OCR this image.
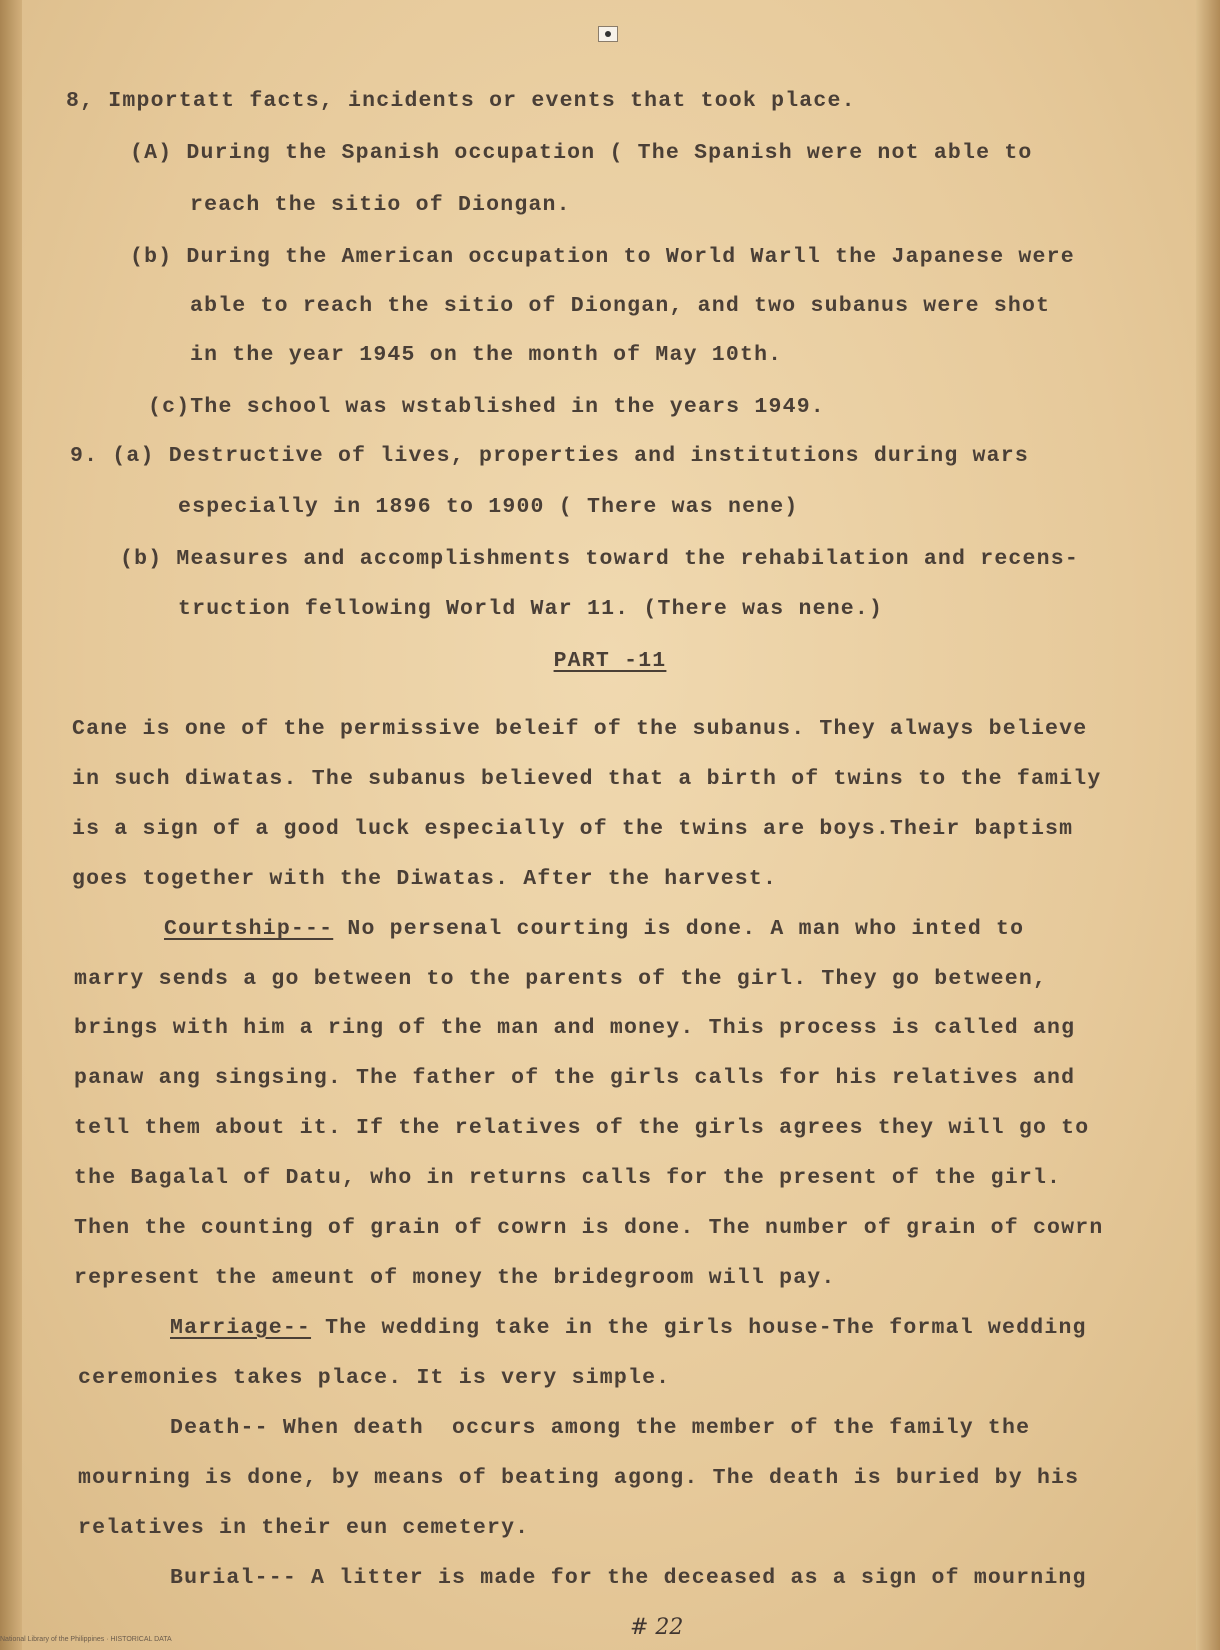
8, Importatt facts, incidents or events that took place.
(A) During the Spanish occupation ( The Spanish were not able to
reach the sitio of Diongan.
(b) During the American occupation to World Warll the Japanese were
able to reach the sitio of Diongan, and two subanus were shot
in the year 1945 on the month of May 10th.
(c)The school was wstablished in the years 1949.
9. (a) Destructive of lives, properties and institutions during wars
especially in 1896 to 1900 ( There was nene)
(b) Measures and accomplishments toward the rehabilation and recens-
truction fellowing World War 11. (There was nene.)
PART -11
Cane is one of the permissive beleif of the subanus. They always believe
in such diwatas. The subanus believed that a birth of twins to the family
is a sign of a good luck especially of the twins are boys.Their baptism
goes together with the Diwatas. After the harvest.
Courtship--- No persenal courting is done. A man who inted to
marry sends a go between to the parents of the girl. They go between,
brings with him a ring of the man and money. This process is called ang
panaw ang singsing. The father of the girls calls for his relatives and
tell them about it. If the relatives of the girls agrees they will go to
the Bagalal of Datu, who in returns calls for the present of the girl.
Then the counting of grain of cowrn is done. The number of grain of cowrn
represent the ameunt of money the bridegroom will pay.
Marriage-- The wedding take in the girls house-The formal wedding
ceremonies takes place. It is very simple.
Death-- When death  occurs among the member of the family the
mourning is done, by means of beating agong. The death is buried by his
relatives in their eun cemetery.
Burial--- A litter is made for the deceased as a sign of mourning
# 22
National Library of the Philippines · HISTORICAL DATA
